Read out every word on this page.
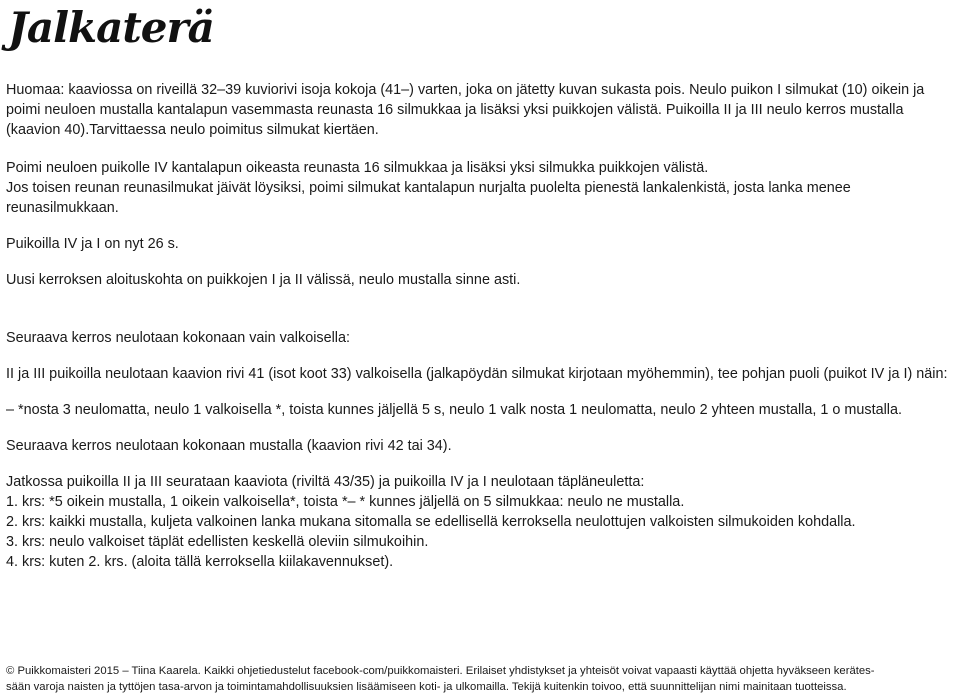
Jalkaterä

Huomaa: kaaviossa on riveillä 32–39 kuviorivi isoja kokoja (41–) varten, joka on jätetty kuvan sukasta pois. Neulo puikon I silmukat (10) oikein ja poimi neuloen mustalla kantalapun vasemmasta reunasta 16 silmukkaa ja lisäksi yksi puikkojen välistä. Puikoilla II ja III neulo kerros mustalla (kaavion 40).Tarvittaessa neulo poimitus silmukat kiertäen.

Poimi neuloen puikolle IV kantalapun oikeasta reunasta 16 silmukkaa ja lisäksi yksi silmukka puikkojen välistä.

Jos toisen reunan reunasilmukat jäivät löysiksi, poimi silmukat kantalapun nurjalta puolelta pienestä lankalenkistä, josta lanka menee reunasilmukkaan.

Puikoilla IV ja I on nyt 26 s.

Uusi kerroksen aloituskohta on puikkojen I ja II välissä, neulo mustalla sinne asti.

Seuraava kerros neulotaan kokonaan vain valkoisella:

II ja III puikoilla neulotaan kaavion rivi 41 (isot koot 33) valkoisella (jalkapöydän silmukat kirjotaan myöhemmin), tee pohjan puoli (puikot IV ja I) näin:

– *nosta 3 neulomatta, neulo 1 valkoisella *, toista kunnes jäljellä 5 s, neulo 1 valk nosta 1 neulomatta, neulo 2 yhteen mustalla, 1 o mustalla.

Seuraava kerros neulotaan kokonaan mustalla (kaavion rivi 42 tai 34).

Jatkossa puikoilla II ja III seurataan kaaviota (riviltä 43/35) ja puikoilla IV ja I neulotaan täpläneuletta:

1. krs: *5 oikein mustalla, 1 oikein valkoisella*, toista *– * kunnes jäljellä on 5 silmukkaa: neulo ne mustalla.

2. krs: kaikki mustalla, kuljeta valkoinen lanka mukana sitomalla se edellisellä kerroksella neulottujen valkoisten silmukoiden kohdalla.

3. krs: neulo valkoiset täplät edellisten keskellä oleviin silmukoihin.

4. krs: kuten 2. krs. (aloita tällä kerroksella kiilakavennukset).

© Puikkomaisteri 2015 – Tiina Kaarela. Kaikki ohjetiedustelut facebook-com/puikkomaisteri. Erilaiset yhdistykset ja yhteisöt voivat vapaasti käyttää ohjetta hyväkseen kerätes-

sään varoja naisten ja tyttöjen tasa-arvon ja toimintamahdollisuuksien lisäämiseen koti- ja ulkomailla. Tekijä kuitenkin toivoo, että suunnittelijan nimi mainitaan tuotteissa.
